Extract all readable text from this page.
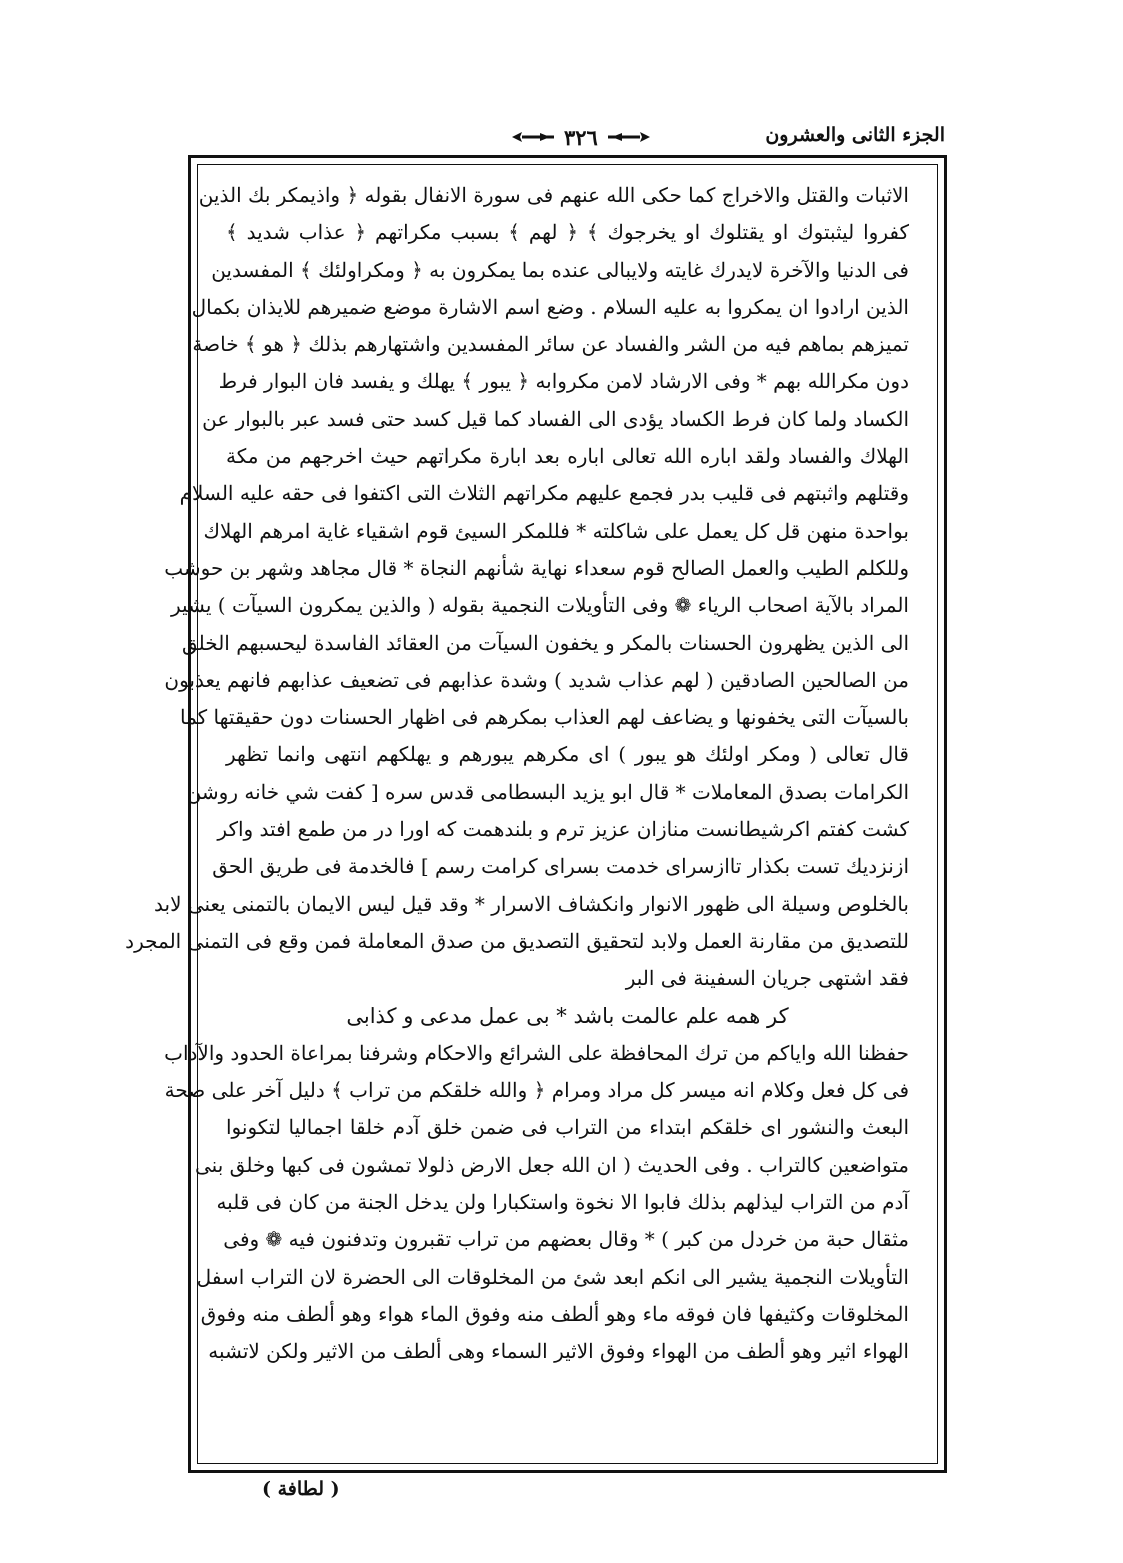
الجزء الثانى والعشرون
٣٢٦
الاثبات والقتل والاخراج كما حكى الله عنهم فى سورة الانفال بقوله ﴿ واذيمكر بك الذين
كفروا ليثبتوك او يقتلوك او يخرجوك ﴾ ﴿ لهم ﴾ بسبب مكراتهم ﴿ عذاب شديد ﴾
فى الدنيا والآخرة لايدرك غايته ولايبالى عنده بما يمكرون به ﴿ ومكراولئك ﴾ المفسدين
الذين ارادوا ان يمكروا به عليه السلام . وضع اسم الاشارة موضع ضميرهم للايذان بكمال
تميزهم بماهم فيه من الشر والفساد عن سائر المفسدين واشتهارهم بذلك ﴿ هو ﴾ خاصة
دون مكرالله بهم * وفى الارشاد لامن مكروابه ﴿ يبور ﴾ يهلك و يفسد فان البوار فرط
الكساد ولما كان فرط الكساد يؤدى الى الفساد كما قيل كسد حتى فسد عبر بالبوار عن
الهلاك والفساد ولقد اباره الله تعالى اباره بعد ابارة مكراتهم حيث اخرجهم من مكة
وقتلهم واثبتهم فى قليب بدر فجمع عليهم مكراتهم الثلاث التى اكتفوا فى حقه عليه السلام
بواحدة منهن قل كل يعمل على شاكلته * فللمكر السيئ قوم اشقياء غاية امرهم الهلاك
وللكلم الطيب والعمل الصالح قوم سعداء نهاية شأنهم النجاة * قال مجاهد وشهر بن حوشب
المراد بالآية اصحاب الرياء ❁ وفى التأويلات النجمية بقوله ( والذين يمكرون السيآت ) يشير
الى الذين يظهرون الحسنات بالمكر و يخفون السيآت من العقائد الفاسدة ليحسبهم الخلق
من الصالحين الصادقين ( لهم عذاب شديد ) وشدة عذابهم فى تضعيف عذابهم فانهم يعذبون
بالسيآت التى يخفونها و يضاعف لهم العذاب بمكرهم فى اظهار الحسنات دون حقيقتها كما
قال تعالى ( ومكر اولئك هو يبور ) اى مكرهم يبورهم و يهلكهم انتهى وانما تظهر
الكرامات بصدق المعاملات * قال ابو يزيد البسطامى قدس سره [ كفت شي خانه روشن
كشت كفتم اكرشيطانست منازان عزيز ترم و بلندهمت كه اورا در من طمع افتد واكر
ازنزديك تست بكذار تاازسراى خدمت بسراى كرامت رسم ] فالخدمة فى طريق الحق
بالخلوص وسيلة الى ظهور الانوار وانكشاف الاسرار * وقد قيل ليس الايمان بالتمنى يعنى لابد
للتصديق من مقارنة العمل ولابد لتحقيق التصديق من صدق المعاملة فمن وقع فى التمنى المجرد
فقد اشتهى جريان السفينة فى البر
كر همه علم عالمت باشد * بى عمل مدعى و كذابى
حفظنا الله واياكم من ترك المحافظة على الشرائع والاحكام وشرفنا بمراعاة الحدود والآداب
فى كل فعل وكلام انه ميسر كل مراد ومرام ﴿ والله خلقكم من تراب ﴾ دليل آخر على صحة
البعث والنشور اى خلقكم ابتداء من التراب فى ضمن خلق آدم خلقا اجماليا لتكونوا
متواضعين كالتراب . وفى الحديث ( ان الله جعل الارض ذلولا تمشون فى كبها وخلق بنى
آدم من التراب ليذلهم بذلك فابوا الا نخوة واستكبارا ولن يدخل الجنة من كان فى قلبه
مثقال حبة من خردل من كبر ) * وقال بعضهم من تراب تقبرون وتدفنون فيه ❁ وفى
التأويلات النجمية يشير الى انكم ابعد شئ من المخلوقات الى الحضرة لان التراب اسفل
المخلوقات وكثيفها فان فوقه ماء وهو ألطف منه وفوق الماء هواء وهو ألطف منه وفوق
الهواء اثير وهو ألطف من الهواء وفوق الاثير السماء وهى ألطف من الاثير ولكن لاتشبه
( لطافة )
